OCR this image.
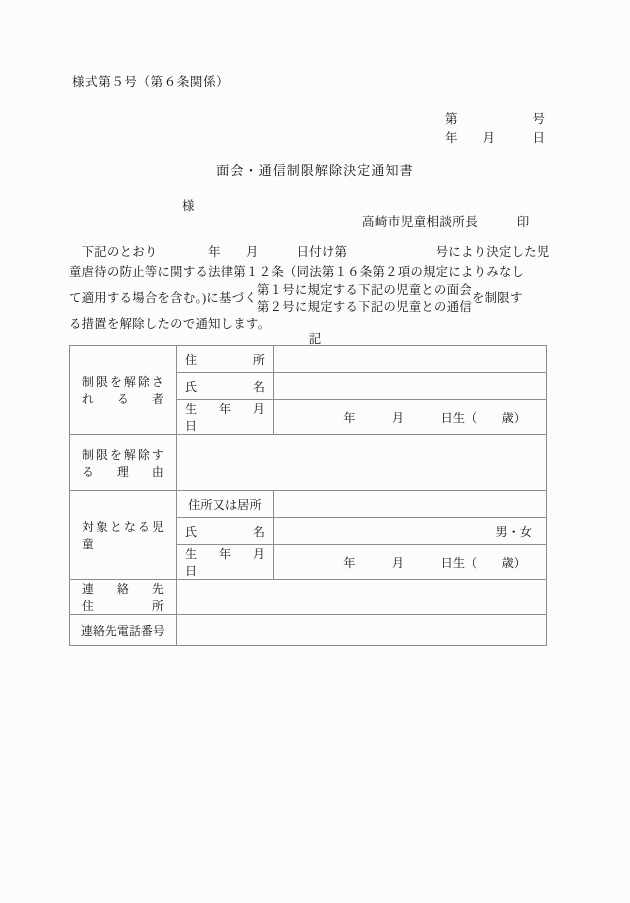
様式第５号（第６条関係）
第　　　　　　号
年　　月　　　日
面会・通信制限解除決定通知書
様
高崎市児童相談所長　　　印
　下記のとおり　　　　年　　月　　　日付け第　　　　　　　号により決定した児
童虐待の防止等に関する法律第１２条（同法第１６条第２項の規定によりみなし
て適用する場合を含む。)に基づく
第１号に規定する下記の児童との面会
第２号に規定する下記の児童との通信
を制限す
る措置を解除したので通知します。
記
制限を解除される者	住　　　　所	
	氏　　　　名	
	生　年　月　日	年　　　月　　　日生（　　歳）
制限を解除する理由		
対象となる児童	住所又は居所	
	氏　　　　名	男・女
	生　年　月　日	年　　　月　　　日生（　　歳）
連　絡　先　住　所		
連絡先電話番号		
